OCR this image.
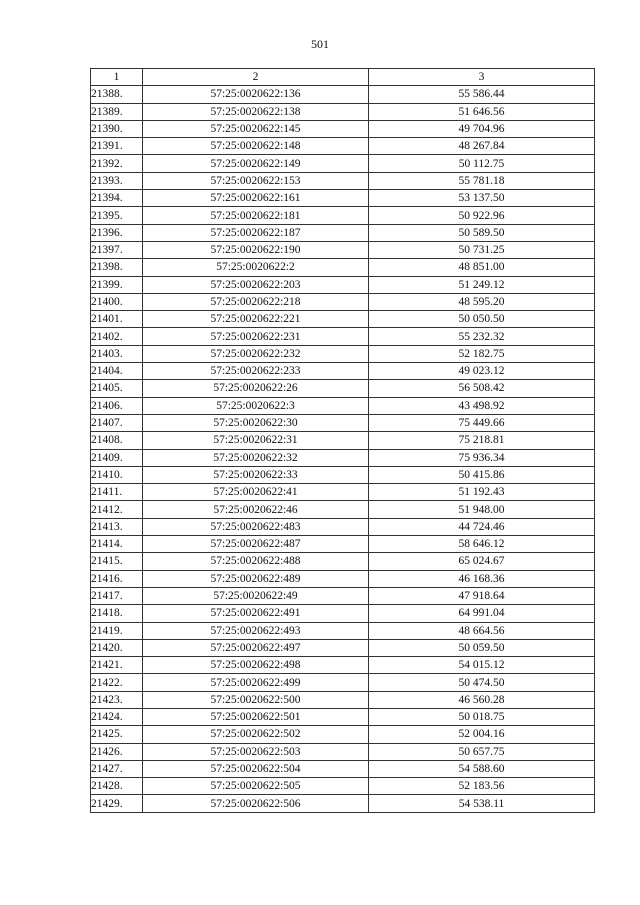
501
1	2	3
21388.	57:25:0020622:136	55 586.44
21389.	57:25:0020622:138	51 646.56
21390.	57:25:0020622:145	49 704.96
21391.	57:25:0020622:148	48 267.84
21392.	57:25:0020622:149	50 112.75
21393.	57:25:0020622:153	55 781.18
21394.	57:25:0020622:161	53 137.50
21395.	57:25:0020622:181	50 922.96
21396.	57:25:0020622:187	50 589.50
21397.	57:25:0020622:190	50 731.25
21398.	57:25:0020622:2	48 851.00
21399.	57:25:0020622:203	51 249.12
21400.	57:25:0020622:218	48 595.20
21401.	57:25:0020622:221	50 050.50
21402.	57:25:0020622:231	55 232.32
21403.	57:25:0020622:232	52 182.75
21404.	57:25:0020622:233	49 023.12
21405.	57:25:0020622:26	56 508.42
21406.	57:25:0020622:3	43 498.92
21407.	57:25:0020622:30	75 449.66
21408.	57:25:0020622:31	75 218.81
21409.	57:25:0020622:32	75 936.34
21410.	57:25:0020622:33	50 415.86
21411.	57:25:0020622:41	51 192.43
21412.	57:25:0020622:46	51 948.00
21413.	57:25:0020622:483	44 724.46
21414.	57:25:0020622:487	58 646.12
21415.	57:25:0020622:488	65 024.67
21416.	57:25:0020622:489	46 168.36
21417.	57:25:0020622:49	47 918.64
21418.	57:25:0020622:491	64 991.04
21419.	57:25:0020622:493	48 664.56
21420.	57:25:0020622:497	50 059.50
21421.	57:25:0020622:498	54 015.12
21422.	57:25:0020622:499	50 474.50
21423.	57:25:0020622:500	46 560.28
21424.	57:25:0020622:501	50 018.75
21425.	57:25:0020622:502	52 004.16
21426.	57:25:0020622:503	50 657.75
21427.	57:25:0020622:504	54 588.60
21428.	57:25:0020622:505	52 183.56
21429.	57:25:0020622:506	54 538.11
